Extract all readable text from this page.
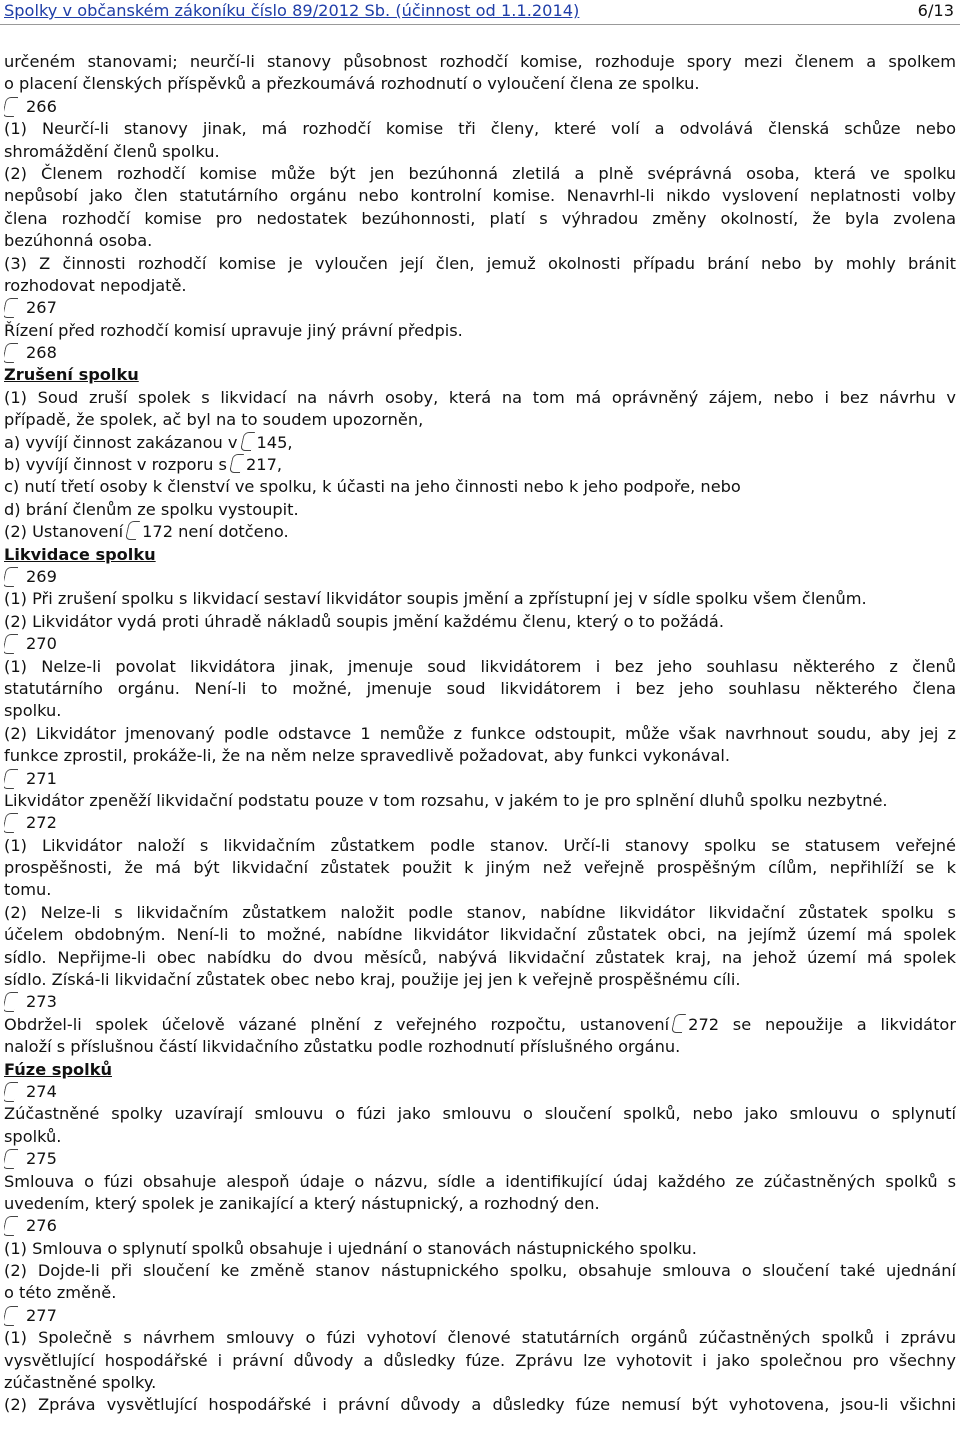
Spolky v občanském zákoníku číslo 89/2012 Sb. (účinnost od 1.1.2014)	6/13
určeném stanovami; neurčí-li stanovy působnost rozhodčí komise, rozhoduje spory mezi členem a spolkem
o placení členských příspěvků a přezkoumává rozhodnutí o vyloučení člena ze spolku.
266
(1) Neurčí-li stanovy jinak, má rozhodčí komise tři členy, které volí a odvolává členská schůze nebo
shromáždění členů spolku.
(2) Členem rozhodčí komise může být jen bezúhonná zletilá a plně svéprávná osoba, která ve spolku
nepůsobí jako člen statutárního orgánu nebo kontrolní komise. Nenavrhl-li nikdo vyslovení neplatnosti volby
člena rozhodčí komise pro nedostatek bezúhonnosti, platí s výhradou změny okolností, že byla zvolena
bezúhonná osoba.
(3) Z činnosti rozhodčí komise je vyloučen její člen, jemuž okolnosti případu brání nebo by mohly bránit
rozhodovat nepodjatě.
267
Řízení před rozhodčí komisí upravuje jiný právní předpis.
268
Zrušení spolku
(1) Soud zruší spolek s likvidací na návrh osoby, která na tom má oprávněný zájem, nebo i bez návrhu v
případě, že spolek, ač byl na to soudem upozorněn,
a) vyvíjí činnost zakázanou v 145,
b) vyvíjí činnost v rozporu s 217,
c) nutí třetí osoby k členství ve spolku, k účasti na jeho činnosti nebo k jeho podpoře, nebo
d) brání členům ze spolku vystoupit.
(2) Ustanovení 172 není dotčeno.
Likvidace spolku
269
(1) Při zrušení spolku s likvidací sestaví likvidátor soupis jmění a zpřístupní jej v sídle spolku všem členům.
(2) Likvidátor vydá proti úhradě nákladů soupis jmění každému členu, který o to požádá.
270
(1) Nelze-li povolat likvidátora jinak, jmenuje soud likvidátorem i bez jeho souhlasu některého z členů
statutárního orgánu. Není-li to možné, jmenuje soud likvidátorem i bez jeho souhlasu některého člena
spolku.
(2) Likvidátor jmenovaný podle odstavce 1 nemůže z funkce odstoupit, může však navrhnout soudu, aby jej z
funkce zprostil, prokáže-li, že na něm nelze spravedlivě požadovat, aby funkci vykonával.
271
Likvidátor zpeněží likvidační podstatu pouze v tom rozsahu, v jakém to je pro splnění dluhů spolku nezbytné.
272
(1) Likvidátor naloží s likvidačním zůstatkem podle stanov. Určí-li stanovy spolku se statusem veřejné
prospěšnosti, že má být likvidační zůstatek použit k jiným než veřejně prospěšným cílům, nepřihlíží se k
tomu.
(2) Nelze-li s likvidačním zůstatkem naložit podle stanov, nabídne likvidátor likvidační zůstatek spolku s
účelem obdobným. Není-li to možné, nabídne likvidátor likvidační zůstatek obci, na jejímž území má spolek
sídlo. Nepřijme-li obec nabídku do dvou měsíců, nabývá likvidační zůstatek kraj, na jehož území má spolek
sídlo. Získá-li likvidační zůstatek obec nebo kraj, použije jej jen k veřejně prospěšnému cíli.
273
Obdržel-li spolek účelově vázané plnění z veřejného rozpočtu, ustanovení 272 se nepoužije a likvidátor
naloží s příslušnou částí likvidačního zůstatku podle rozhodnutí příslušného orgánu.
Fúze spolků
274
Zúčastněné spolky uzavírají smlouvu o fúzi jako smlouvu o sloučení spolků, nebo jako smlouvu o splynutí
spolků.
275
Smlouva o fúzi obsahuje alespoň údaje o názvu, sídle a identifikující údaj každého ze zúčastněných spolků s
uvedením, který spolek je zanikající a který nástupnický, a rozhodný den.
276
(1) Smlouva o splynutí spolků obsahuje i ujednání o stanovách nástupnického spolku.
(2) Dojde-li při sloučení ke změně stanov nástupnického spolku, obsahuje smlouva o sloučení také ujednání
o této změně.
277
(1) Společně s návrhem smlouvy o fúzi vyhotoví členové statutárních orgánů zúčastněných spolků i zprávu
vysvětlující hospodářské i právní důvody a důsledky fúze. Zprávu lze vyhotovit i jako společnou pro všechny
zúčastněné spolky.
(2) Zpráva vysvětlující hospodářské i právní důvody a důsledky fúze nemusí být vyhotovena, jsou-li všichni
